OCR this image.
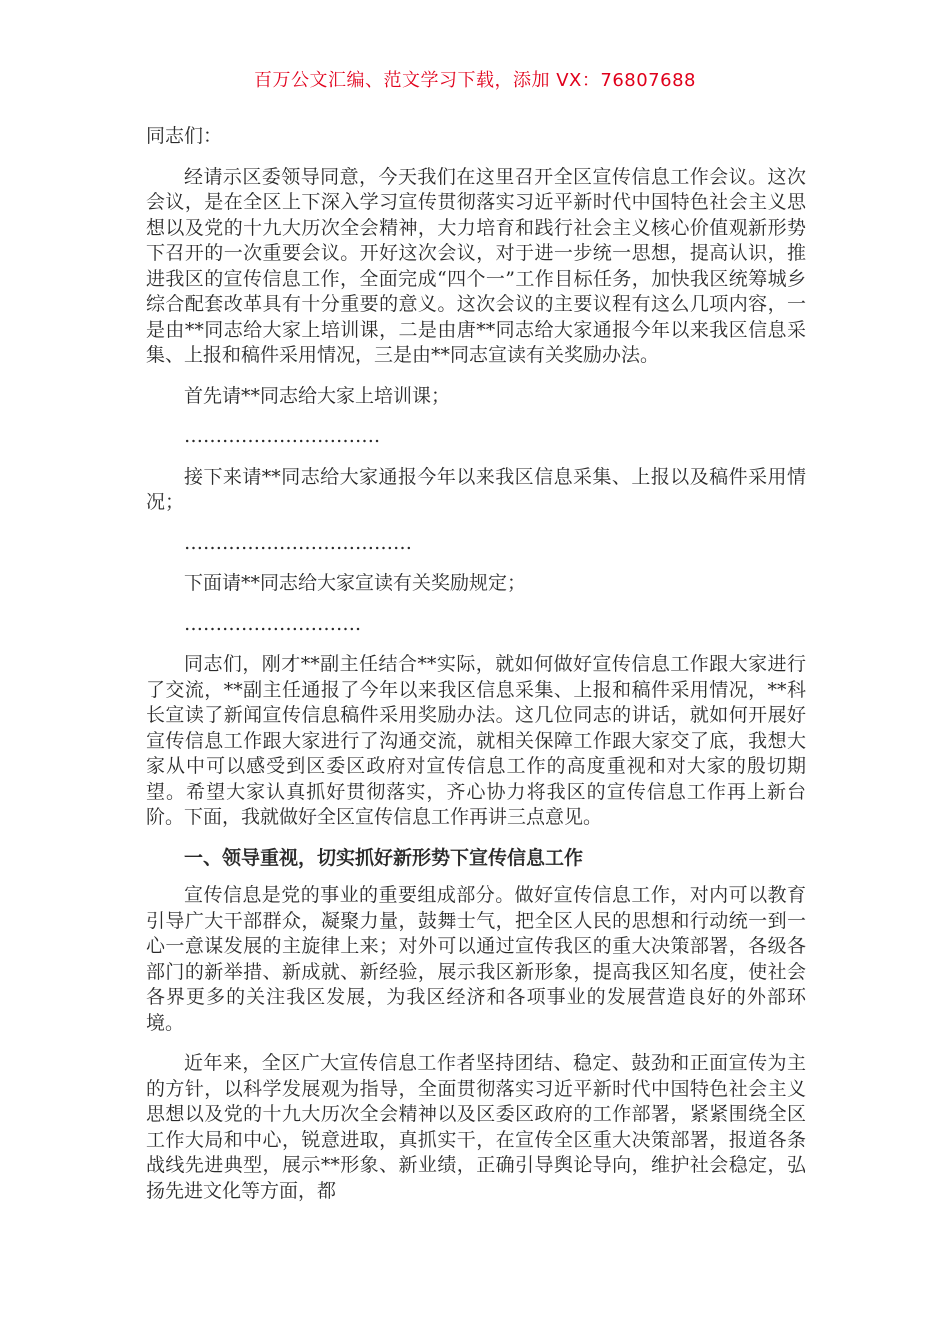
百万公文汇编、范文学习下载，添加 VX：76807688

同志们：

经请示区委领导同意，今天我们在这里召开全区宣传信息工作会议。这次会议，是在全区上下深入学习宣传贯彻落实习近平新时代中国特色社会主义思想以及党的十九大历次全会精神，大力培育和践行社会主义核心价值观新形势下召开的一次重要会议。开好这次会议，对于进一步统一思想，提高认识，推进我区的宣传信息工作，全面完成“四个一”工作目标任务，加快我区统筹城乡综合配套改革具有十分重要的意义。这次会议的主要议程有这么几项内容，一是由**同志给大家上培训课，二是由唐**同志给大家通报今年以来我区信息采集、上报和稿件采用情况，三是由**同志宣读有关奖励办法。

首先请**同志给大家上培训课；

………………………….

接下来请**同志给大家通报今年以来我区信息采集、上报以及稿件采用情况；

………………………………

下面请**同志给大家宣读有关奖励规定；

……………………….

同志们，刚才**副主任结合**实际，就如何做好宣传信息工作跟大家进行了交流，**副主任通报了今年以来我区信息采集、上报和稿件采用情况，**科长宣读了新闻宣传信息稿件采用奖励办法。这几位同志的讲话，就如何开展好宣传信息工作跟大家进行了沟通交流，就相关保障工作跟大家交了底，我想大家从中可以感受到区委区政府对宣传信息工作的高度重视和对大家的殷切期望。希望大家认真抓好贯彻落实，齐心协力将我区的宣传信息工作再上新台阶。下面，我就做好全区宣传信息工作再讲三点意见。

一、领导重视，切实抓好新形势下宣传信息工作

宣传信息是党的事业的重要组成部分。做好宣传信息工作，对内可以教育引导广大干部群众，凝聚力量，鼓舞士气，把全区人民的思想和行动统一到一心一意谋发展的主旋律上来；对外可以通过宣传我区的重大决策部署，各级各部门的新举措、新成就、新经验，展示我区新形象，提高我区知名度，使社会各界更多的关注我区发展，为我区经济和各项事业的发展营造良好的外部环境。

近年来，全区广大宣传信息工作者坚持团结、稳定、鼓劲和正面宣传为主的方针，以科学发展观为指导，全面贯彻落实习近平新时代中国特色社会主义思想以及党的十九大历次全会精神以及区委区政府的工作部署，紧紧围绕全区工作大局和中心，锐意进取，真抓实干，在宣传全区重大决策部署，报道各条战线先进典型，展示**形象、新业绩，正确引导舆论导向，维护社会稳定，弘扬先进文化等方面，都
